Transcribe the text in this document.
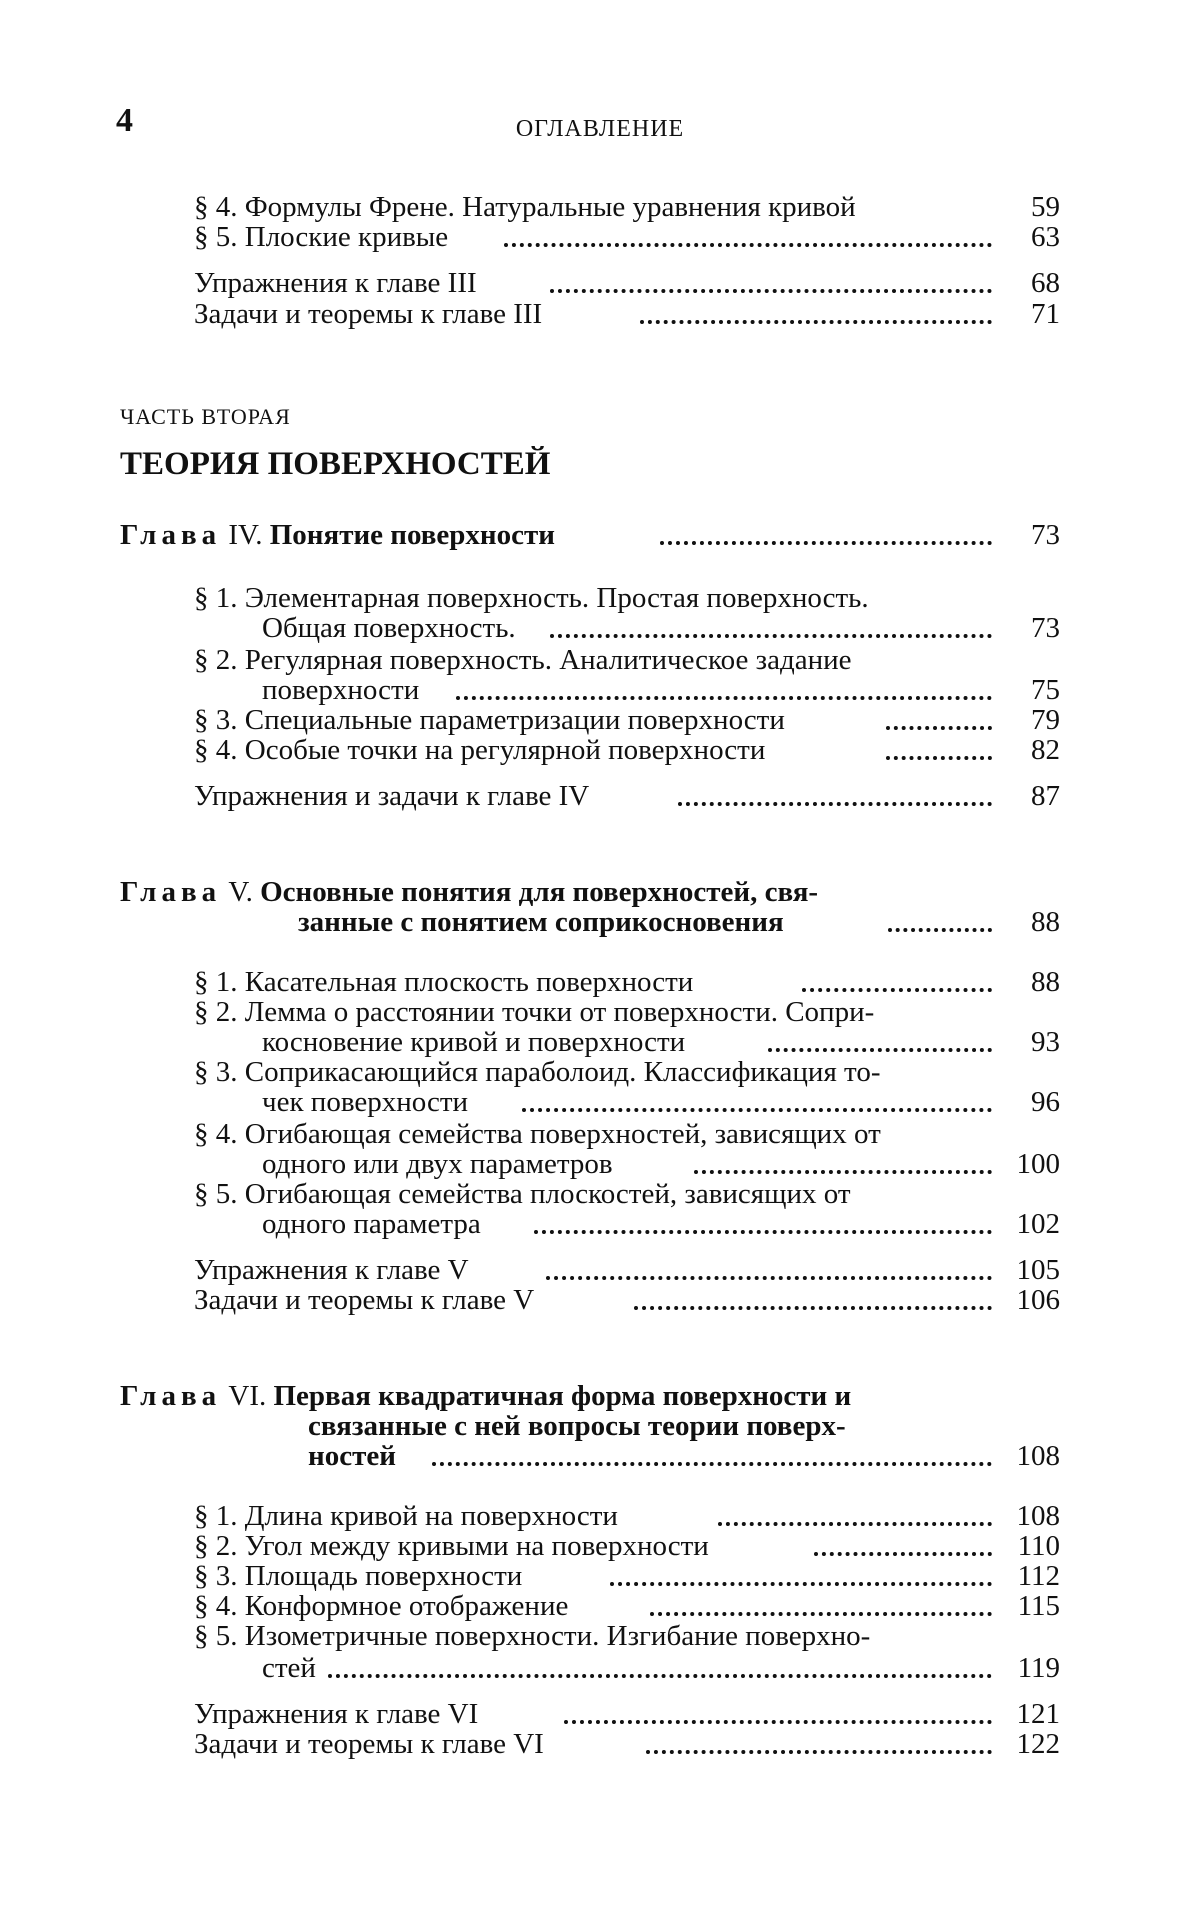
4	ОГЛАВЛЕНИЕ
§ 4. Формулы Френе. Натуральные уравнения кривой	59
§ 5. Плоские кривые	63
Упражнения к главе III	68
Задачи и теоремы к главе III	71
ЧАСТЬ ВТОРАЯ
ТЕОРИЯ ПОВЕРХНОСТЕЙ
Глава IV. Понятие поверхности	73
§ 1. Элементарная поверхность. Простая поверхность.
Общая поверхность.	73
§ 2. Регулярная поверхность. Аналитическое задание
поверхности	75
§ 3. Специальные параметризации поверхности	79
§ 4. Особые точки на регулярной поверхности	82
Упражнения и задачи к главе IV	87
Глава V. Основные понятия для поверхностей, свя-
занные с понятием соприкосновения	88
§ 1. Касательная плоскость поверхности	88
§ 2. Лемма о расстоянии точки от поверхности. Сопри-
косновение кривой и поверхности	93
§ 3. Соприкасающийся параболоид. Классификация то-
чек поверхности	96
§ 4. Огибающая семейства поверхностей, зависящих от
одного или двух параметров	100
§ 5. Огибающая семейства плоскостей, зависящих от
одного параметра	102
Упражнения к главе V	105
Задачи и теоремы к главе V	106
Глава VI. Первая квадратичная форма поверхности и
связанные с ней вопросы теории поверх-
ностей	108
§ 1. Длина кривой на поверхности	108
§ 2. Угол между кривыми на поверхности	110
§ 3. Площадь поверхности	112
§ 4. Конформное отображение	115
§ 5. Изометричные поверхности. Изгибание поверхно-
стей	119
Упражнения к главе VI	121
Задачи и теоремы к главе VI	122
